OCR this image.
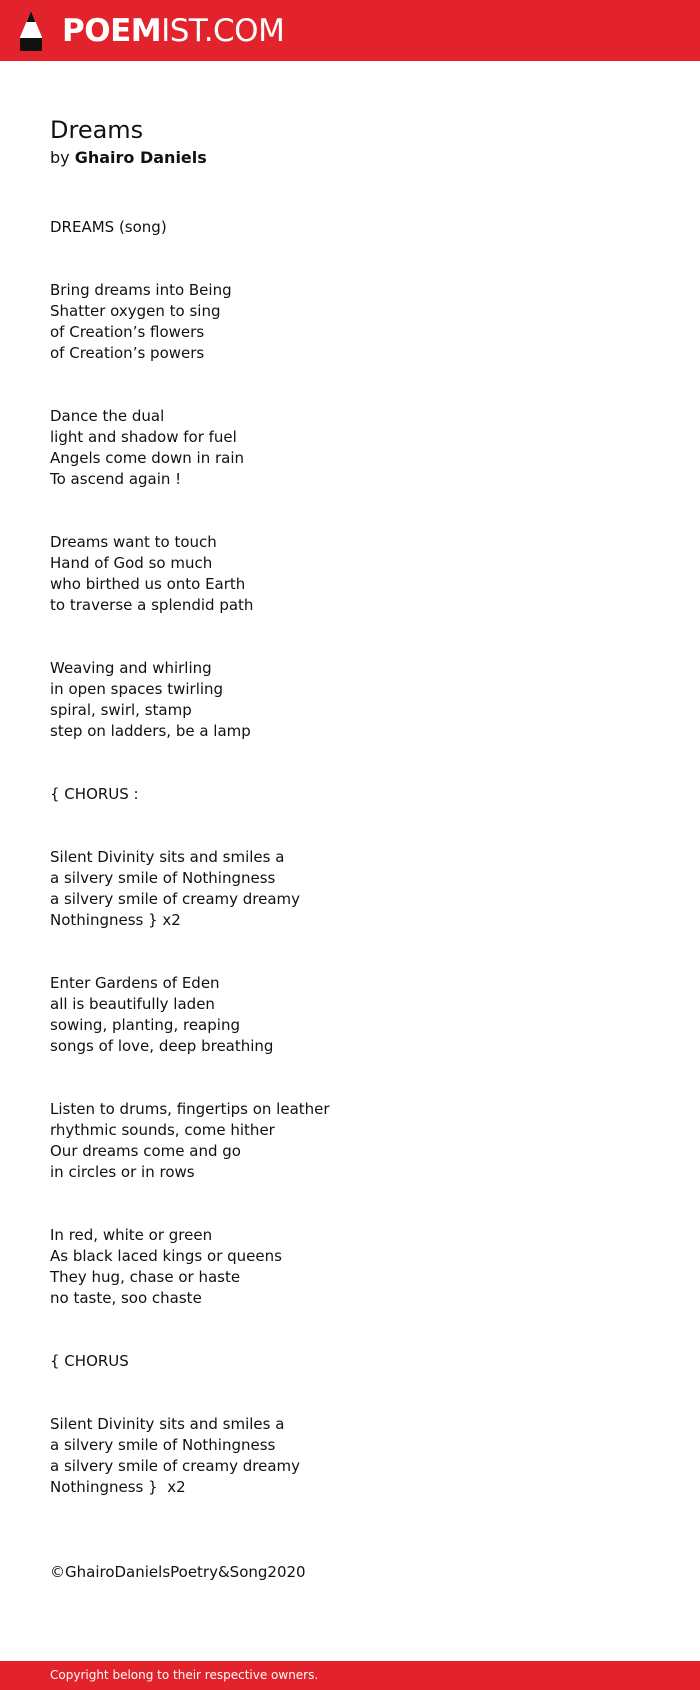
POEMIST.COM
Dreams
by Ghairo Daniels
DREAMS (song)
Bring dreams into Being
Shatter oxygen to sing
of Creation’s flowers
of Creation’s powers
Dance the dual
light and shadow for fuel
Angels come down in rain
To ascend again !
Dreams want to touch
Hand of God so much
who birthed us onto Earth
to traverse a splendid path
Weaving and whirling
in open spaces twirling
spiral, swirl, stamp
step on ladders, be a lamp
{ CHORUS :
Silent Divinity sits and smiles a
a silvery smile of Nothingness
a silvery smile of creamy dreamy
Nothingness } x2
Enter Gardens of Eden
all is beautifully laden
sowing, planting, reaping
songs of love, deep breathing
Listen to drums, fingertips on leather
rhythmic sounds, come hither
Our dreams come and go
in circles or in rows
In red, white or green
As black laced kings or queens
They hug, chase or haste
no taste, soo chaste
{ CHORUS
Silent Divinity sits and smiles a
a silvery smile of Nothingness
a silvery smile of creamy dreamy
Nothingness }  x2
©GhairoDanielsPoetry&Song2020
Copyright belong to their respective owners.
